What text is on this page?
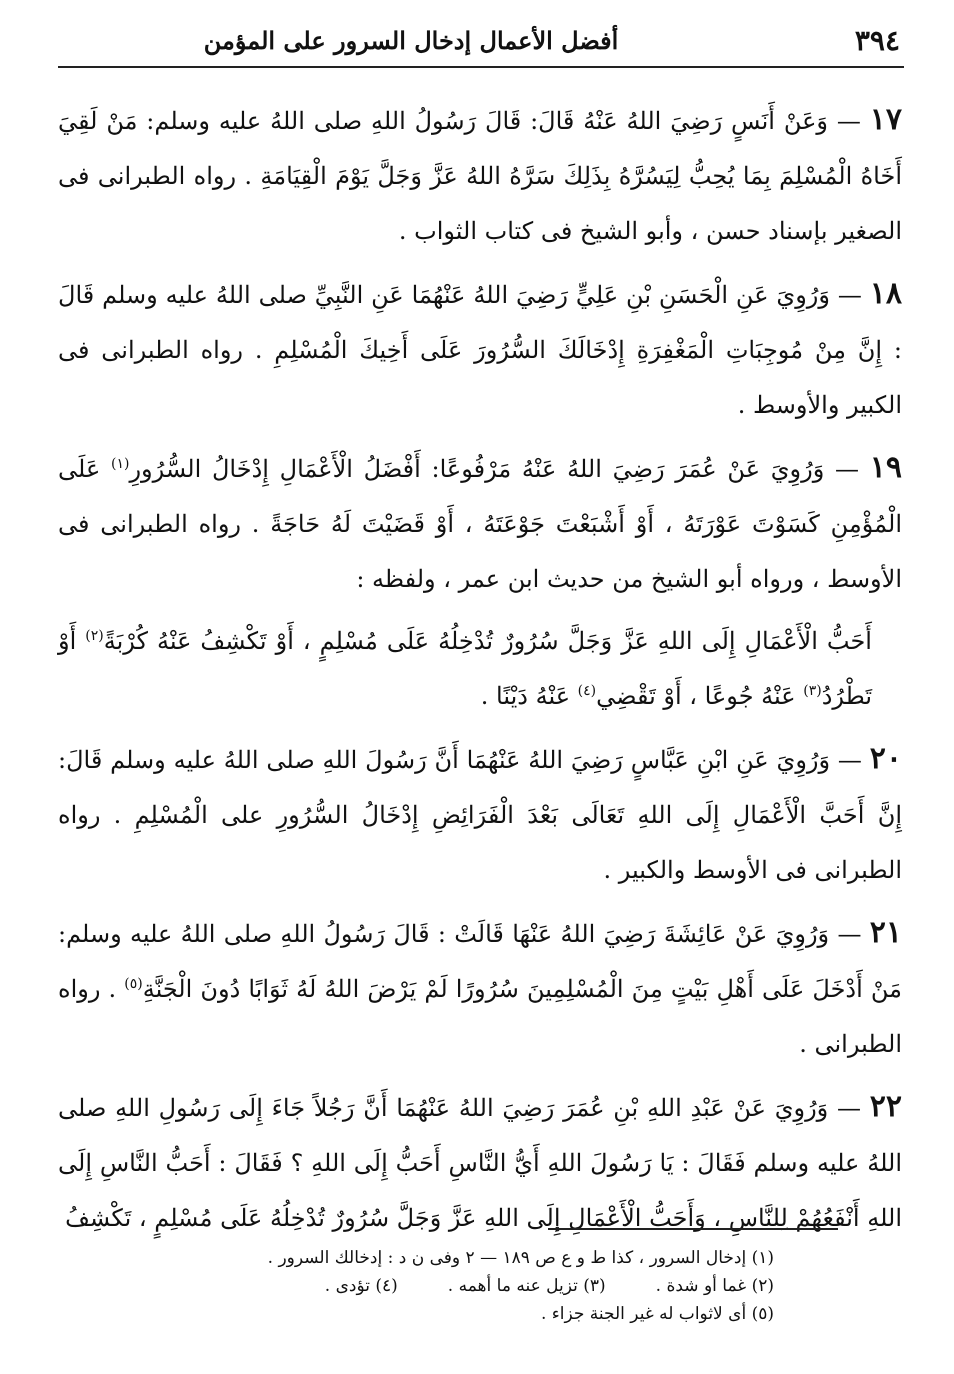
٣٩٤
أفضل الأعمال إدخال السرور على المؤمن

١٧ — وَعَنْ أَنَسٍ رَضِيَ اللهُ عَنْهُ قَالَ: قَالَ رَسُولُ اللهِ صلى اللهُ عليه وسلم: مَنْ لَقِيَ أَخَاهُ الْمُسْلِمَ بِمَا يُحِبُّ لِيَسُرَّهُ بِذَلِكَ سَرَّهُ اللهُ عَزَّ وَجَلَّ يَوْمَ الْقِيَامَةِ . رواه الطبرانى فى الصغير بإسناد حسن ، وأبو الشيخ فى كتاب الثواب .

١٨ — وَرُوِيَ عَنِ الْحَسَنِ بْنِ عَلِيٍّ رَضِيَ اللهُ عَنْهُمَا عَنِ النَّبِيِّ صلى اللهُ عليه وسلم قَالَ : إِنَّ مِنْ مُوجِبَاتِ الْمَغْفِرَةِ إِدْخَالَكَ السُّرُورَ عَلَى أَخِيكَ الْمُسْلِمِ . رواه الطبرانى فى الكبير والأوسط .

١٩ — وَرُوِيَ عَنْ عُمَرَ رَضِيَ اللهُ عَنْهُ مَرْفُوعًا: أَفْضَلُ الْأَعْمَالِ إِدْخَالُ السُّرُورِ$^{(١)}$ عَلَى الْمُؤْمِنِ كَسَوْتَ عَوْرَتَهُ ، أَوْ أَشْبَعْتَ جَوْعَتَهُ ، أَوْ قَضَيْتَ لَهُ حَاجَةً . رواه الطبرانى فى الأوسط ، ورواه أبو الشيخ من حديث ابن عمر ، ولفظه :

أَحَبُّ الْأَعْمَالِ إِلَى اللهِ عَزَّ وَجَلَّ سُرُورٌ تُدْخِلُهُ عَلَى مُسْلِمٍ ، أَوْ تَكْشِفُ عَنْهُ كُرْبَةً$^{(٢)}$ أَوْ تَطْرُدُ$^{(٣)}$ عَنْهُ جُوعًا ، أَوْ تَقْضِي$^{(٤)}$ عَنْهُ دَيْنًا .

٢٠ — وَرُوِيَ عَنِ ابْنِ عَبَّاسٍ رَضِيَ اللهُ عَنْهُمَا أَنَّ رَسُولَ اللهِ صلى اللهُ عليه وسلم قَالَ: إِنَّ أَحَبَّ الْأَعْمَالِ إِلَى اللهِ تَعَالَى بَعْدَ الْفَرَائِضِ إِدْخَالُ السُّرُورِ على الْمُسْلِمِ . رواه الطبرانى فى الأوسط والكبير .

٢١ — وَرُوِيَ عَنْ عَائِشَةَ رَضِيَ اللهُ عَنْهَا قَالَتْ : قَالَ رَسُولُ اللهِ صلى اللهُ عليه وسلم: مَنْ أَدْخَلَ عَلَى أَهْلِ بَيْتٍ مِنَ الْمُسْلِمِينَ سُرُورًا لَمْ يَرْضَ اللهُ لَهُ ثَوَابًا دُونَ الْجَنَّةِ$^{(٥)}$ . رواه الطبرانى .

٢٢ — وَرُوِيَ عَنْ عَبْدِ اللهِ بْنِ عُمَرَ رَضِيَ اللهُ عَنْهُمَا أَنَّ رَجُلاً جَاءَ إِلَى رَسُولِ اللهِ صلى اللهُ عليه وسلم فَقَالَ : يَا رَسُولَ اللهِ أَيُّ النَّاسِ أَحَبُّ إِلَى اللهِ ؟ فَقَالَ : أَحَبُّ النَّاسِ إِلَى اللهِ أَنْفَعُهُمْ لِلنَّاسِ ، وَأَحَبُّ الْأَعْمَالِ إِلَى اللهِ عَزَّ وَجَلَّ سُرُورٌ تُدْخِلُهُ عَلَى مُسْلِمٍ ، تَكْشِفُ

(١) إدخال السرور ، كذا ط و ع ص ١٨٩ — ٢ وفى ن د : إدخالك السرور .
(٢) غما أو شدة .
(٣) تزيل عنه ما أهمه .
(٤) تؤدى .
(٥) أى لاثواب له غير الجنة جزاء .
